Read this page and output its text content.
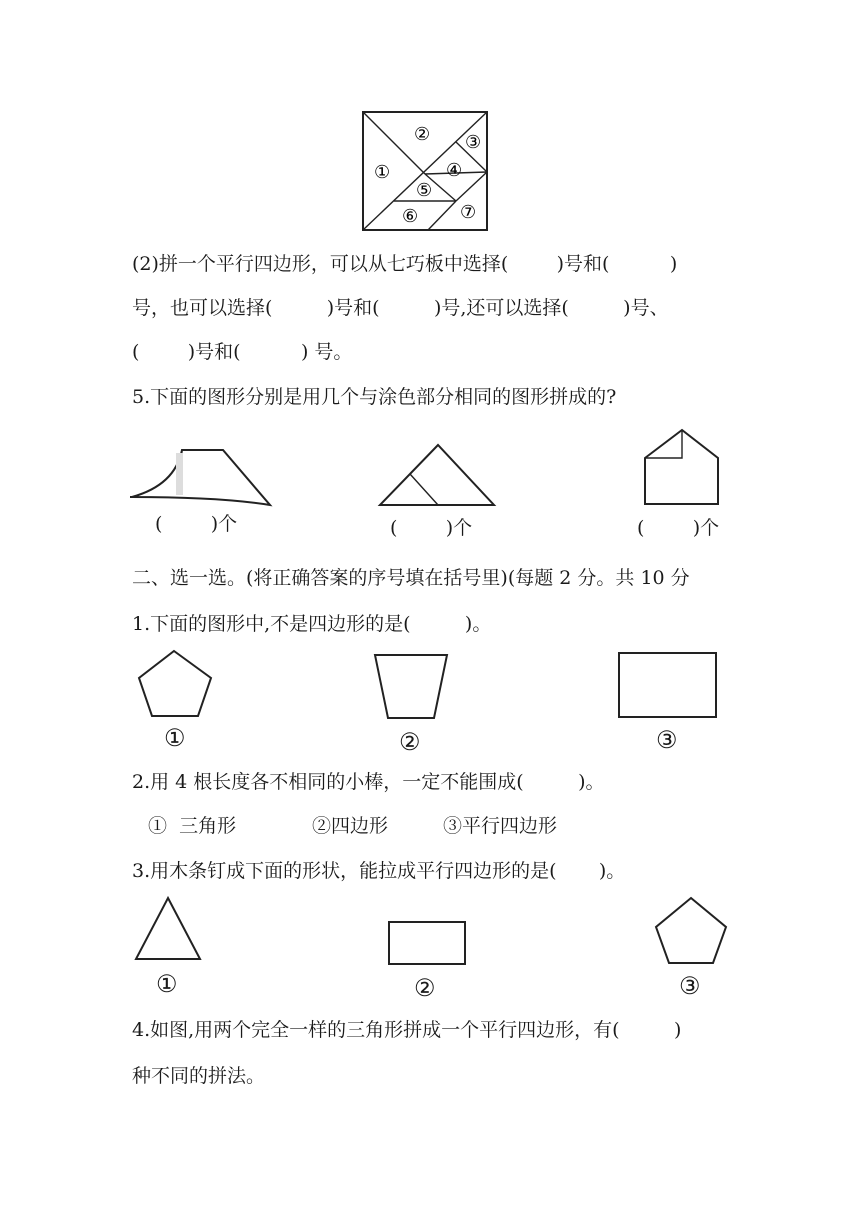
①
② ③
④
⑤
⑥ ⑦
(2)拼一个平行四边形，可以从七巧板中选择(        )号和(          )
号，也可以选择(         )号和(         )号,还可以选择(         )号、
(        )号和(          ) 号。
5.下面的图形分别是用几个与涂色部分相同的图形拼成的?
(        )个	(        )个	(        )个
二、选一选。(将正确答案的序号填在括号里)(每题 2 分。共 10 分
1.下面的图形中,不是四边形的是(         )。
①	②	③
2.用 4 根长度各不相同的小棒，一定不能围成(         )。
①  三角形	②四边形	③平行四边形
3.用木条钉成下面的形状，能拉成平行四边形的是(       )。
①	②	③
4.如图,用两个完全一样的三角形拼成一个平行四边形，有(         )
种不同的拼法。
